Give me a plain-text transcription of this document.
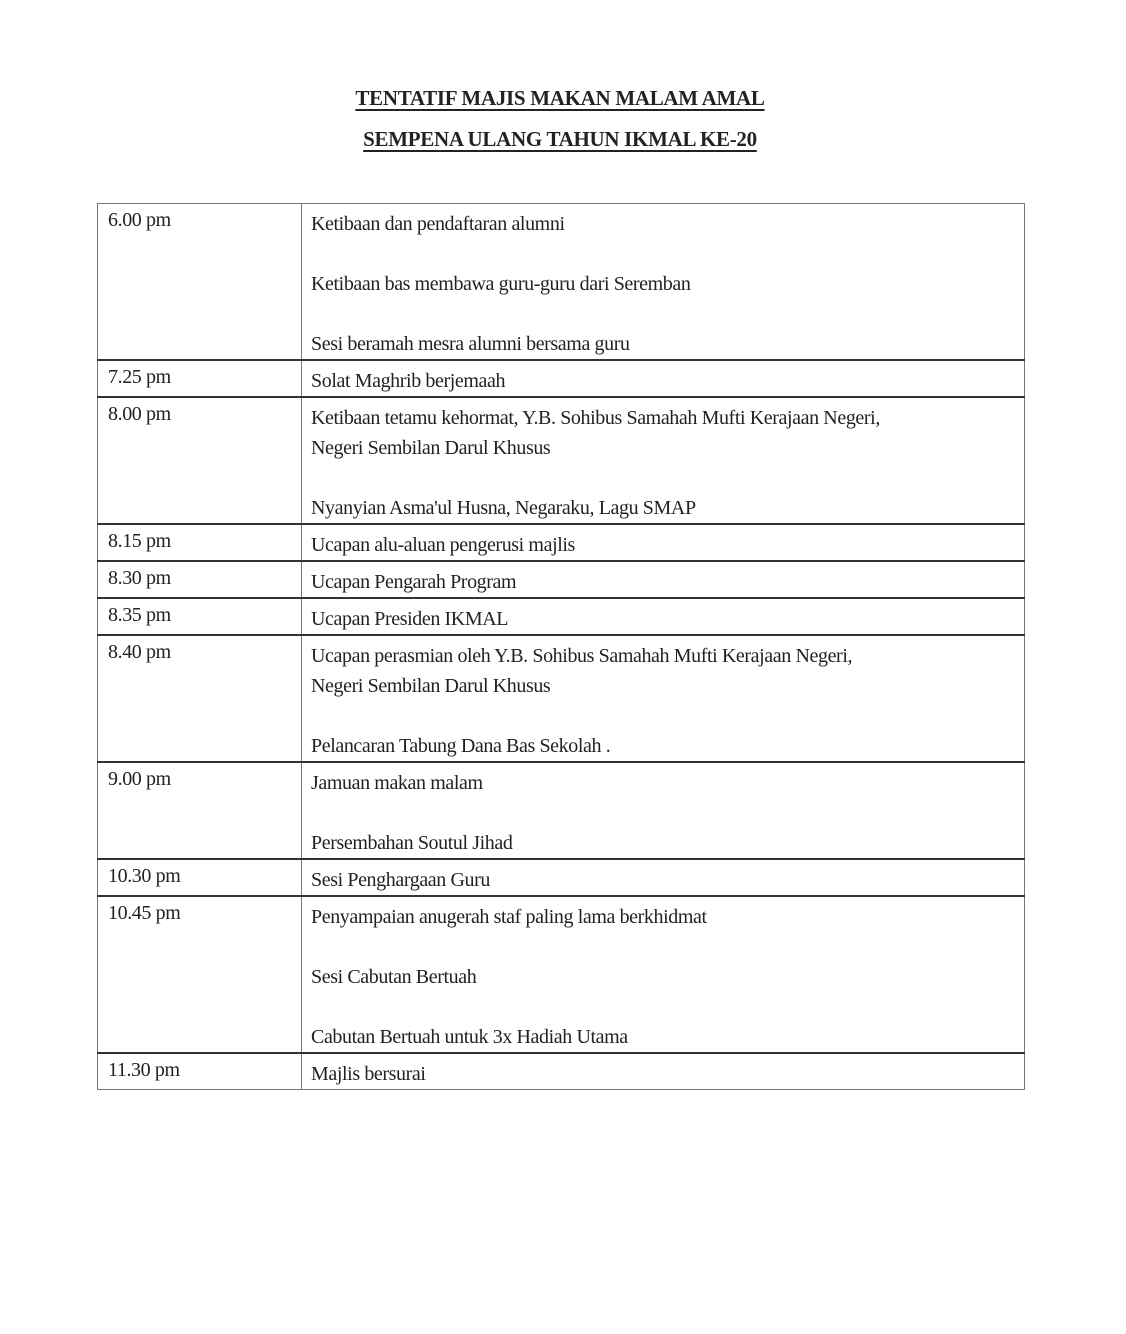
TENTATIF MAJIS MAKAN MALAM AMAL
SEMPENA ULANG TAHUN IKMAL KE-20
6.00 pm	Ketibaan dan pendaftaran alumni
Ketibaan bas membawa guru-guru dari Seremban
Sesi beramah mesra alumni bersama guru

7.25 pm	Solat Maghrib berjemaah

8.00 pm	Ketibaan tetamu kehormat, Y.B. Sohibus Samahah Mufti Kerajaan Negeri,
Negeri Sembilan Darul Khusus
Nyanyian Asma'ul Husna, Negaraku, Lagu SMAP

8.15 pm	Ucapan alu-aluan pengerusi majlis

8.30 pm	Ucapan Pengarah Program

8.35 pm	Ucapan Presiden IKMAL

8.40 pm	Ucapan perasmian oleh Y.B. Sohibus Samahah Mufti Kerajaan Negeri,
Negeri Sembilan Darul Khusus
Pelancaran Tabung Dana Bas Sekolah .

9.00 pm	Jamuan makan malam
Persembahan Soutul Jihad

10.30 pm	Sesi Penghargaan Guru

10.45 pm	Penyampaian anugerah staf paling lama berkhidmat
Sesi Cabutan Bertuah
Cabutan Bertuah untuk 3x Hadiah Utama

11.30 pm	Majlis bersurai
